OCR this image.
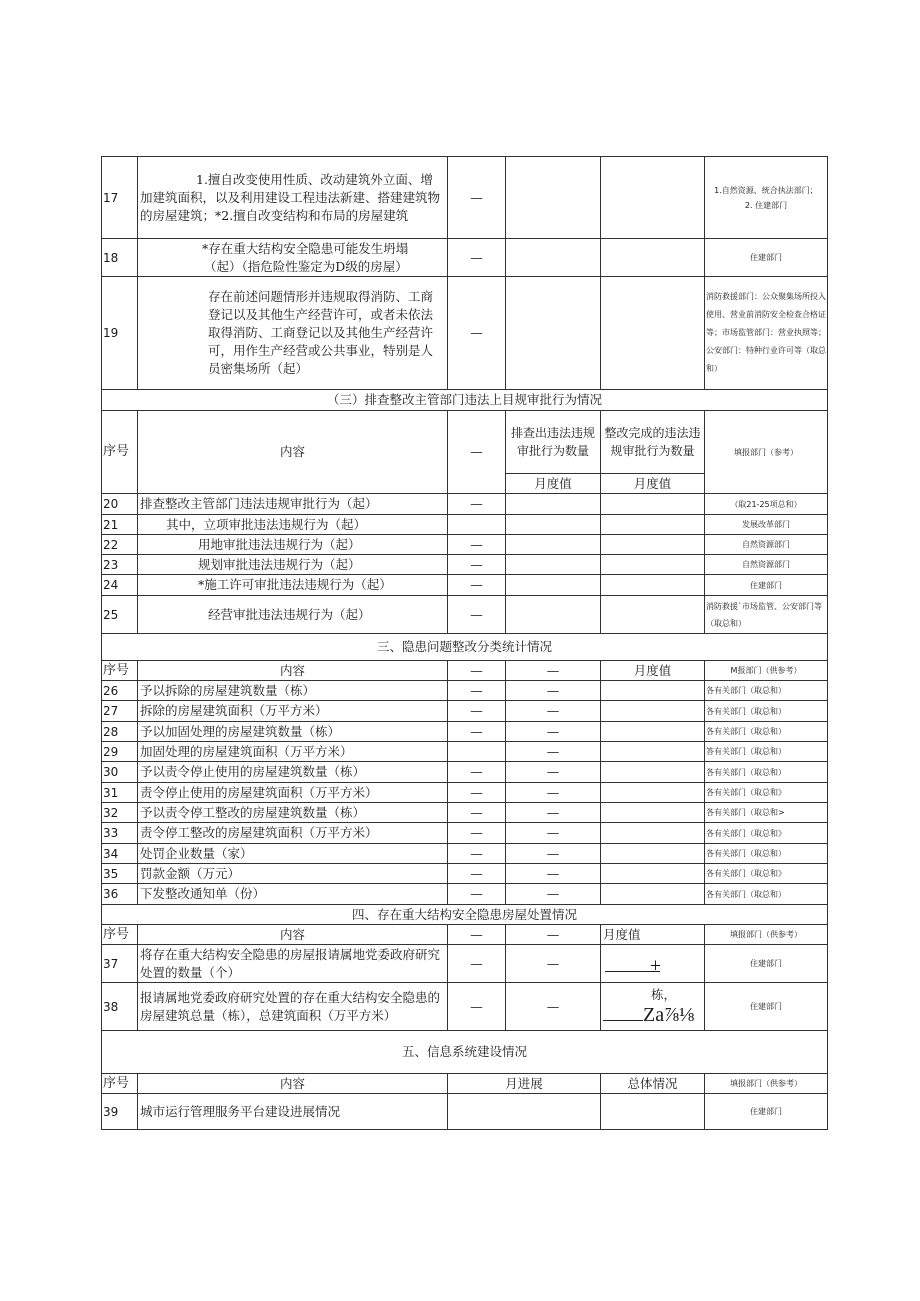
17	1.擅自改变使用性质、改动建筑外立面、增加建筑面积，以及利用建设工程违法新建、搭建建筑物的房屋建筑；*2.擅自改变结构和布局的房屋建筑	—			1.自然资源、统合执法部门；
2. 住建部门

18	*存在重大结构安全隐患可能发生坍塌
（起）（指危险性鉴定为D级的房屋）	—			住建部门
19	存在前述问题情形并违规取得消防、工商登记以及其他生产经营许可，或者未依法取得消防、工商登记以及其他生产经营许可，用作生产经营或公共事业，特别是人员密集场所（起）	—			消防救援部门：公众聚集场所投入使用、营业前消防安全检查合格证等；市场监管部门：营业执照等；公安部门：特种行业许可等（取总和）
（三）排查整改主管部门违法上目规审批行为情况					
序号	内容	—	排查出违法违规审批行为数量	整改完成的违法违规审批行为数量	填报部门（参考）
			月度值	月度值	
20	排查整改主管部门违法违规审批行为（起）	—			（取21-25项总和）
21	其中，立项审批违法违规行为（起）				发展改革部门
22	用地审批违法违规行为（起）	—			自然资源部门
23	规划审批违法违规行为（起）	—			自然资源部门
24	*施工许可审批违法违规行为（起）	—			住建部门
25	经营审批违法违规行为（起）	—			消防救援`市场监管、公安部门等（取总和）
三、隐患问题整改分类统计情况					
序号	内容	—	—	月度值	M报部门（供参考）
26	予以拆除的房屋建筑数量（栋）	—	—		各有关部门（取总和）
27	拆除的房屋建筑面积（万平方米）	—	—		各有关部门（取总和）
28	予以加固处理的房屋建筑数量（栋）	—	—		各有关部门（取总和）
29	加固处理的房屋建筑面积（万平方米）		—		答有关部门（取总和）
30	予以责令停止使用的房屋建筑数量（栋）	—	—		各有关部门（取总和）
31	责令停止使用的房屋建筑面积（万平方米）	—	—		各有关部门（取总和》
32	予以责令停工整改的房屋建筑数量（栋）	—	—		各有关部门（取总和>
33	责令停工整改的房屋建筑面积（万平方米）	—	—		各有关部门（取总和》
34	处罚企业数量（家）	—	—		各有关部门（取总和）
35	罚款金额（万元）	—	—		各有关部门（取总和》
36	下发整改通知单（份）	—	—		各有关部门（取总和）
四、存在重大结构安全隐患房屋处置情况					
序号	内容	—	—	月度值	填报部门（供参考）
37	将存在重大结构安全隐患的房屋报请属地党委政府研究处置的数量（个）	—	—	±	住建部门
38	报请属地党委政府研究处置的存在重大结构安全隐患的房屋建筑总量（栋），总建筑面积（万平方米）	—	—	栋，
Za⅞⅛	住建部门
五、信息系统建设情况					
序号	内容	月进展		总体情况	填报部门（供参考）
39	城市运行管理服务平台建设进展情况				住建部门
